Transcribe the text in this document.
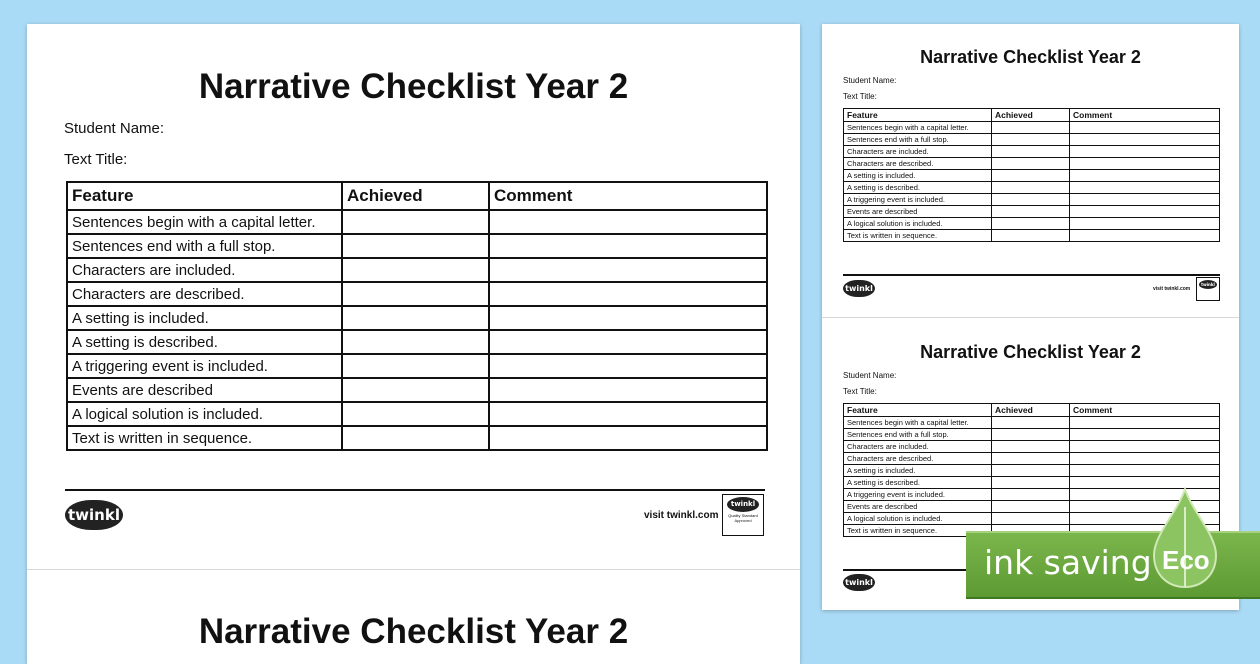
Narrative Checklist Year 2
Student Name:
Text Title:
Feature	Achieved	Comment
Sentences begin with a capital letter.		
Sentences end with a full stop.		
Characters are included.		
Characters are described.		
A setting is included.		
A setting is described.		
A triggering event is included.		
Events are described		
A logical solution is included.		
Text is written in sequence.		
twinkl	visit twinkl.com
twinkl
Quality Standard Approved
Narrative Checklist Year 2
Narrative Checklist Year 2
Student Name:
Text Title:
Feature	Achieved	Comment
Sentences begin with a capital letter.		
Sentences end with a full stop.		
Characters are included.		
Characters are described.		
A setting is included.		
A setting is described.		
A triggering event is included.		
Events are described		
A logical solution is included.		
Text is written in sequence.		
twinkl	visit twinkl.com
twinkl
Narrative Checklist Year 2
Student Name:
Text Title:
Feature	Achieved	Comment
Sentences begin with a capital letter.		
Sentences end with a full stop.		
Characters are included.		
Characters are described.		
A setting is included.		
A setting is described.		
A triggering event is included.		
Events are described		
A logical solution is included.		
Text is written in sequence.		
twinkl
ink saving Eco
